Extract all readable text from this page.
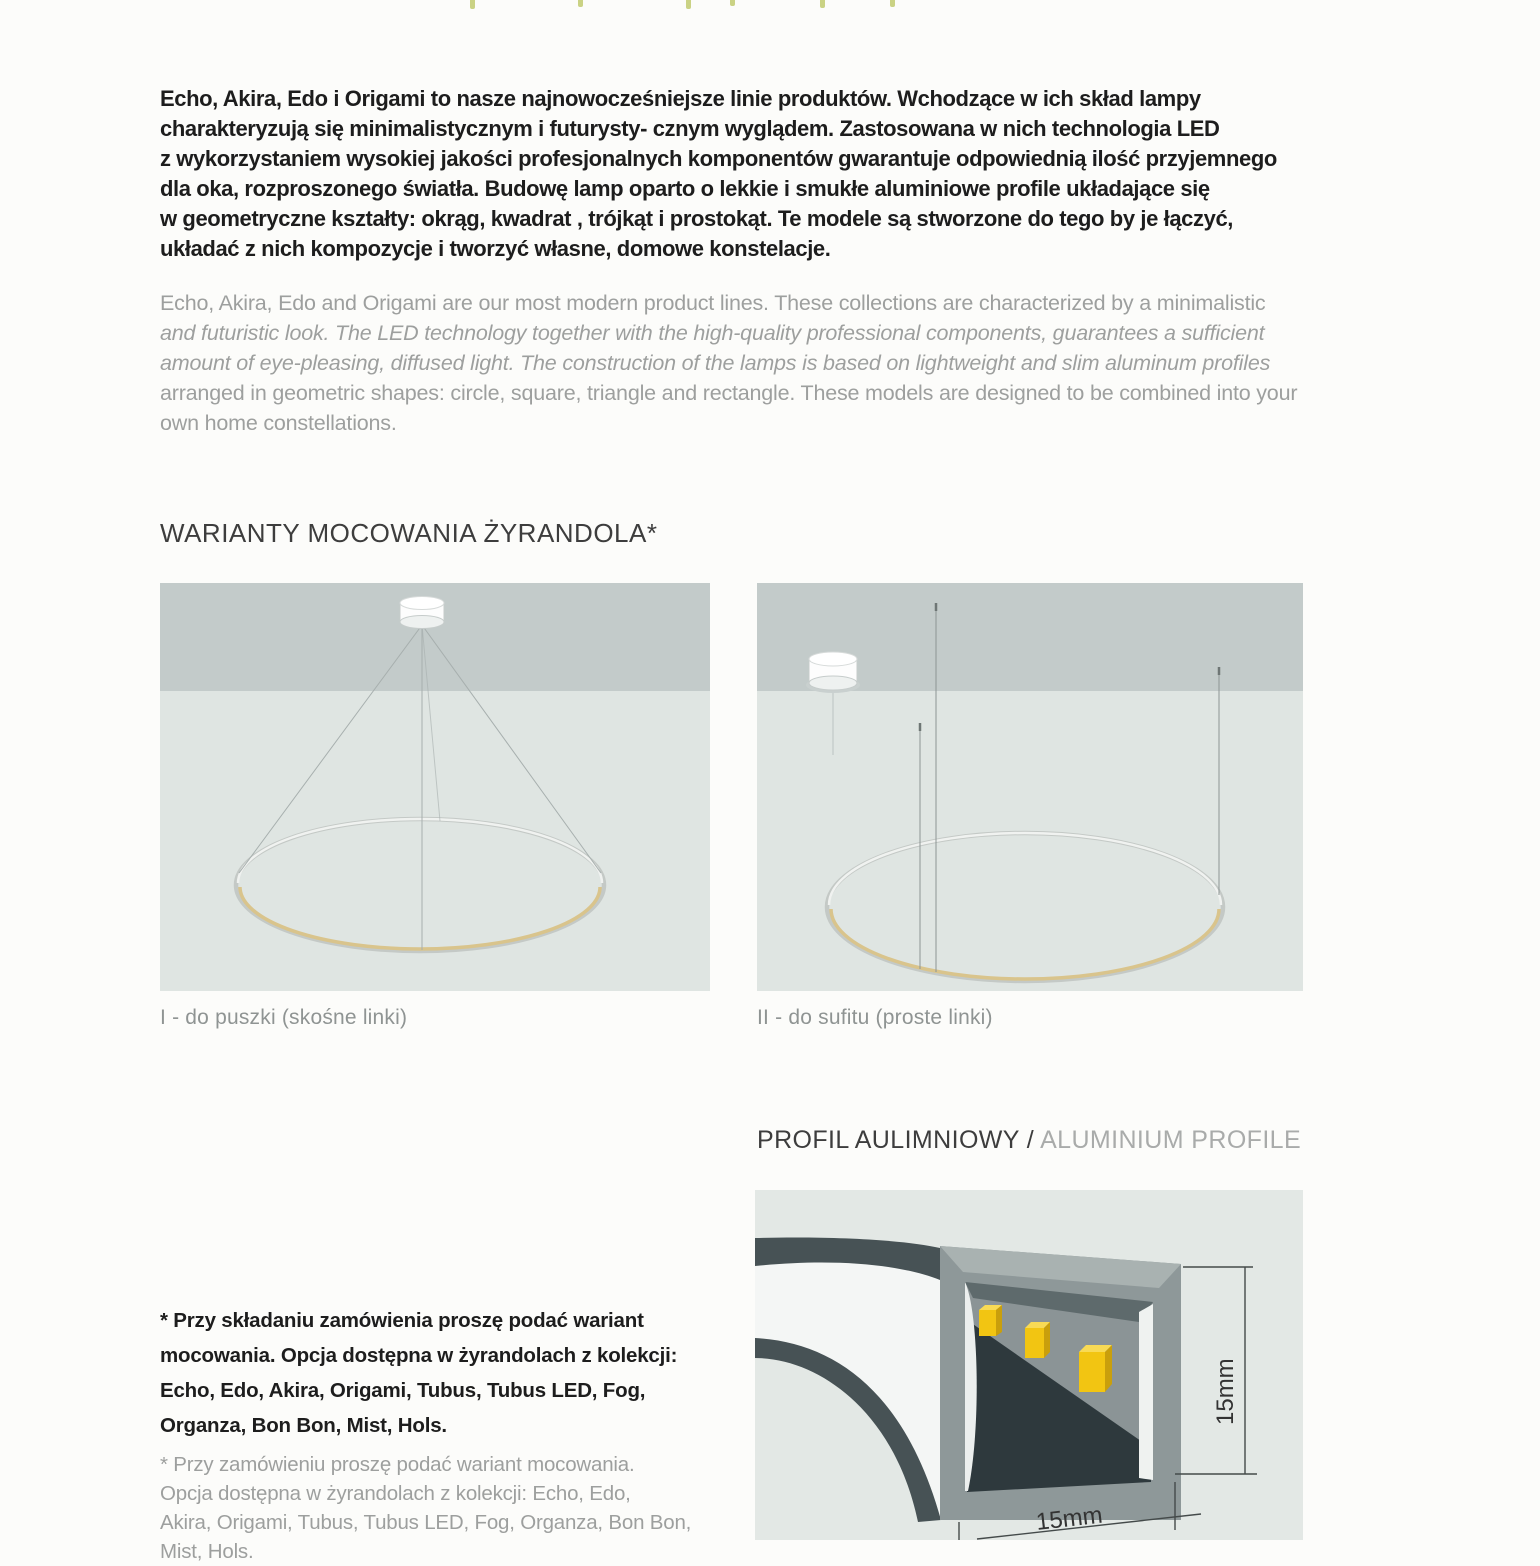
Echo, Akira, Edo i Origami to nasze najnowocześniejsze linie produktów. Wchodzące w ich skład lampy
charakteryzują się minimalistycznym i futurysty- cznym wyglądem. Zastosowana w nich technologia LED
z wykorzystaniem wysokiej jakości profesjonalnych komponentów gwarantuje odpowiednią ilość przyjemnego
dla oka, rozproszonego światła. Budowę lamp oparto o lekkie i smukłe aluminiowe profile układające się
w geometryczne kształty: okrąg, kwadrat , trójkąt i prostokąt. Te modele są stworzone do tego by je łączyć,
układać z nich kompozycje i tworzyć własne, domowe konstelacje.
Echo, Akira, Edo and Origami are our most modern product lines. These collections are characterized by a minimalistic
and futuristic look. The LED technology together with the high-quality professional components, guarantees a sufficient
amount of eye-pleasing, diffused light. The construction of the lamps is based on lightweight and slim aluminum profiles
arranged in geometric shapes: circle, square, triangle and rectangle. These models are designed to be combined into your
own home constellations.
WARIANTY MOCOWANIA ŻYRANDOLA*
I - do puszki (skośne linki)	II - do sufitu (proste linki)
PROFIL AULIMNIOWY / ALUMINIUM PROFILE
15mm
15mm
* Przy składaniu zamówienia proszę podać wariant
mocowania. Opcja dostępna w żyrandolach z kolekcji:
Echo, Edo, Akira, Origami, Tubus, Tubus LED, Fog,
Organza, Bon Bon, Mist, Hols.
* Przy zamówieniu proszę podać wariant mocowania.
Opcja dostępna w żyrandolach z kolekcji: Echo, Edo,
Akira, Origami, Tubus, Tubus LED, Fog, Organza, Bon Bon,
Mist, Hols.
